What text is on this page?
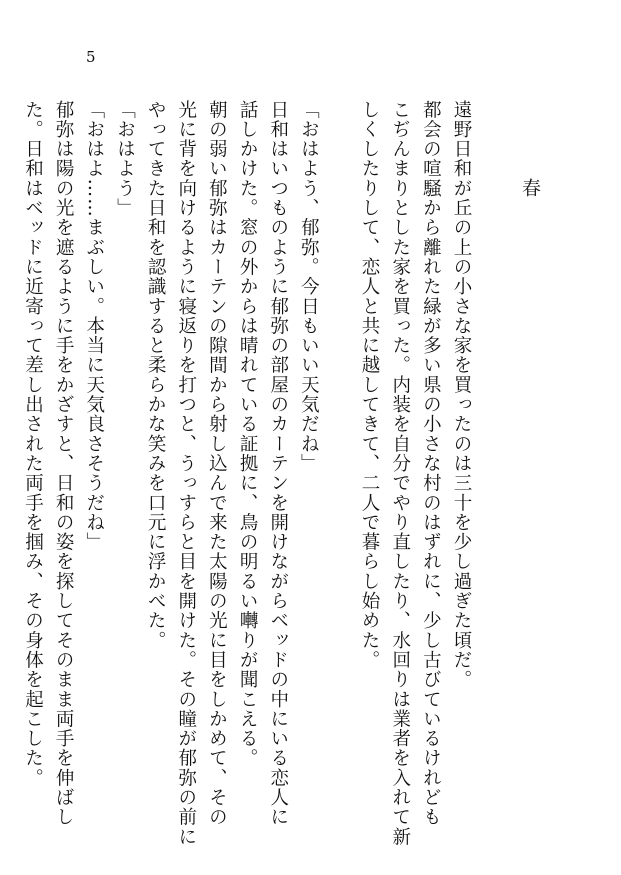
5
春
遠野日和が丘の上の小さな家を買ったのは三十を少し過ぎた頃だ。
都会の喧騒から離れた緑が多い県の小さな村のはずれに、少し古びているけれども
こぢんまりとした家を買った。内装を自分でやり直したり、水回りは業者を入れて新
しくしたりして、恋人と共に越してきて、二人で暮らし始めた。
「おはよう、郁弥。今日もいい天気だね」
日和はいつものように郁弥の部屋のカーテンを開けながらベッドの中にいる恋人に
話しかけた。窓の外からは晴れている証拠に、鳥の明るい囀りが聞こえる。
朝の弱い郁弥はカーテンの隙間から射し込んで来た太陽の光に目をしかめて、その
光に背を向けるように寝返りを打つと、うっすらと目を開けた。その瞳が郁弥の前に
やってきた日和を認識すると柔らかな笑みを口元に浮かべた。
「おはよう」
「おはよ……まぶしい。本当に天気良さそうだね」
郁弥は陽の光を遮るように手をかざすと、日和の姿を探してそのまま両手を伸ばし
た。日和はベッドに近寄って差し出された両手を掴み、その身体を起こした。
